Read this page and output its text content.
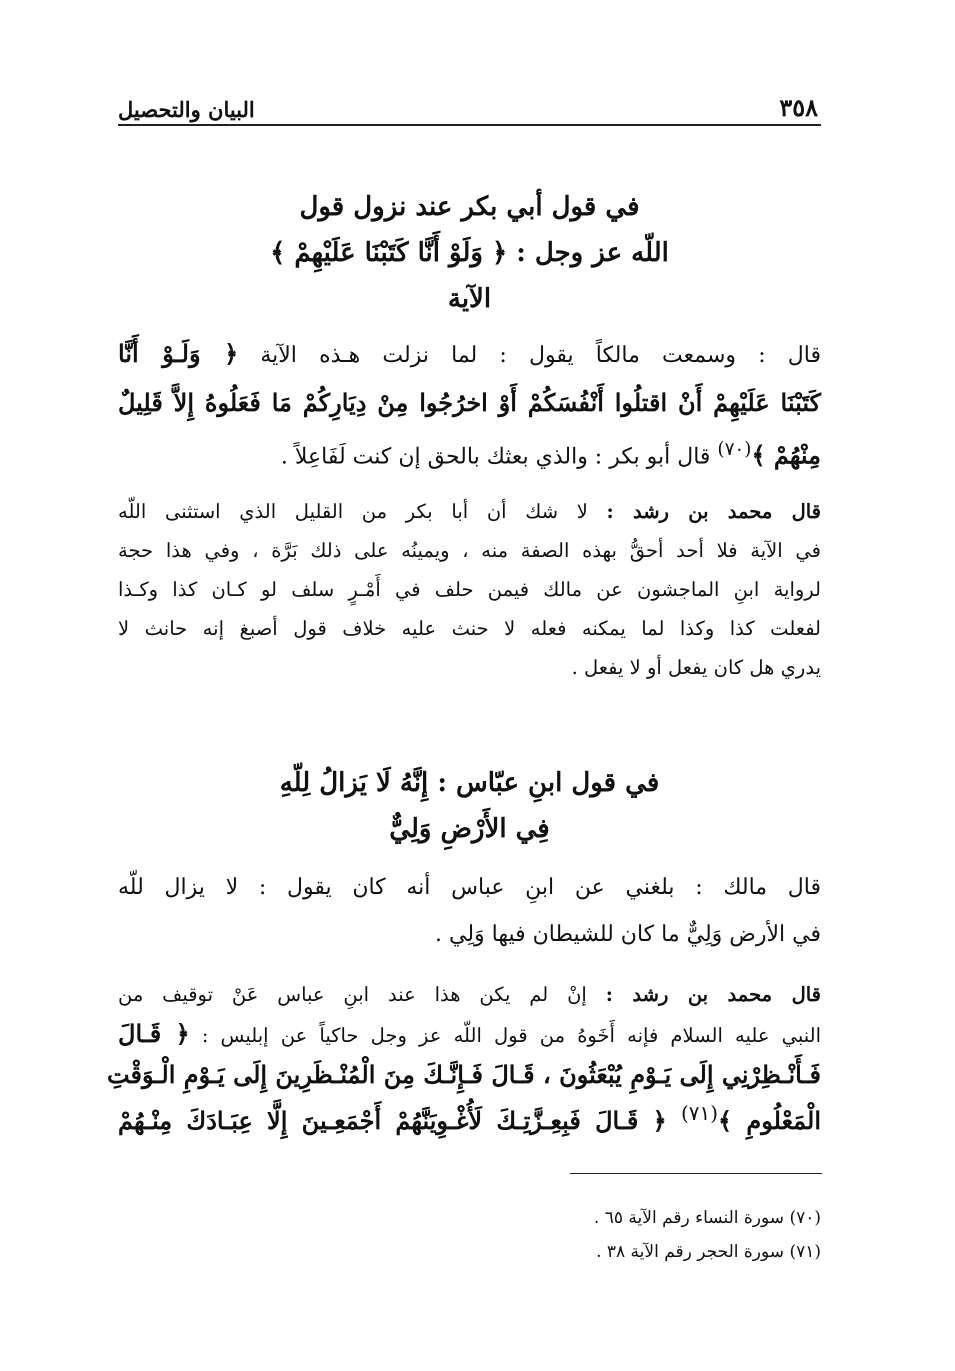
٣٥٨
البيان والتحصيل
في قول أبي بكر عند نزول قول
اللّه عز وجل : ﴿ وَلَوْ أَنَّا كَتَبْنَا عَلَيْهِمْ ﴾
الآية
قال : وسمعت مالكاً يقول : لما نزلت هـذه الآية ﴿ وَلَـوْ أَنَّا
كَتَبْنَا عَلَيْهِمْ أَنْ اقتلُوا أَنْفُسَكُمْ أَوْ اخرُجُوا مِنْ دِيَارِكُمْ مَا فَعَلُوهُ إِلاَّ قَلِيلٌ
مِنْهُمْ ﴾$^{(٧٠)}$ قال أبو بكر : والذي بعثك بالحق إن كنت لَفَاعِلاً .
قال محمد بن رشد : لا شك أن أبا بكر من القليل الذي استثنى اللّه
في الآية فلا أحد أحقُّ بهذه الصفة منه ، ويمينُه على ذلك بَرَّة ، وفي هذا حجة
لرواية ابنِ الماجشون عن مالك فيمن حلف في أَمْـرٍ سلف لو كـان كذا وكـذا
لفعلت كذا وكذا لما يمكنه فعله لا حنث عليه خلاف قول أصبغ إنه حانث لا
يدري هل كان يفعل أو لا يفعل .
في قول ابنِ عبّاس : إِنَّهُ لَا يَزالُ لِلّهِ
فِي الأَرْضِ وَلِيٌّ
قال مالك : بلغني عن ابنِ عباس أنه كان يقول : لا يزال للّه
في الأرض وَلِيٌّ ما كان للشيطان فيها وَلِي .
قال محمد بن رشد : إنْ لم يكن هذا عند ابنِ عباس عَنْ توقيف من
النبي عليه السلام فإنه أَخَوهُ من قول اللّه عز وجل حاكياً عن إبليس : ﴿ قَـالَ
فَـأَنْـظِرْنِي إِلَى يَـوْمِ يُبْعَثُونَ ، قَـالَ فَـإِنَّـكَ مِنَ الْمُنْـظَرِينَ إِلَى يَـوْمِ الْـوَقْتِ
الْمَعْلُومِ ﴾$^{(٧١)}$ ﴿ قَـالَ فَبِعِـزَّتِـكَ لَأُغْـوِيَنَّهُمْ أَجْمَعِـينَ إِلَّا عِبَـادَكَ مِنْـهُمْ
(٧٠) سورة النساء رقم الآية ٦٥ .
(٧١) سورة الحجر رقم الآية ٣٨ .
